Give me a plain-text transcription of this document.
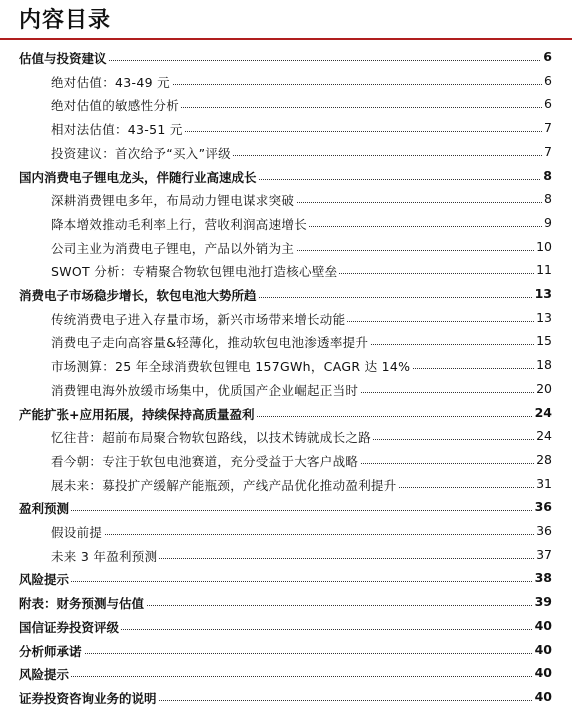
内容目录
估值与投资建议	6
绝对估值：43-49 元	6
绝对估值的敏感性分析	6
相对法估值：43-51 元	7
投资建议：首次给予“买入”评级	7
国内消费电子锂电龙头，伴随行业高速成长	8
深耕消费锂电多年，布局动力锂电谋求突破	8
降本增效推动毛利率上行，营收利润高速增长	9
公司主业为消费电子锂电，产品以外销为主	10
SWOT 分析：专精聚合物软包锂电池打造核心壁垒	11
消费电子市场稳步增长，软包电池大势所趋	13
传统消费电子进入存量市场，新兴市场带来增长动能	13
消费电子走向高容量&轻薄化，推动软包电池渗透率提升	15
市场测算：25 年全球消费软包锂电 157GWh，CAGR 达 14%	18
消费锂电海外放缓市场集中，优质国产企业崛起正当时	20
产能扩张+应用拓展，持续保持高质量盈利	24
忆往昔：超前布局聚合物软包路线，以技术铸就成长之路	24
看今朝：专注于软包电池赛道，充分受益于大客户战略	28
展未来：募投扩产缓解产能瓶颈，产线产品优化推动盈利提升	31
盈利预测	36
假设前提	36
未来 3 年盈利预测	37
风险提示	38
附表：财务预测与估值	39
国信证券投资评级	40
分析师承诺	40
风险提示	40
证券投资咨询业务的说明	40
